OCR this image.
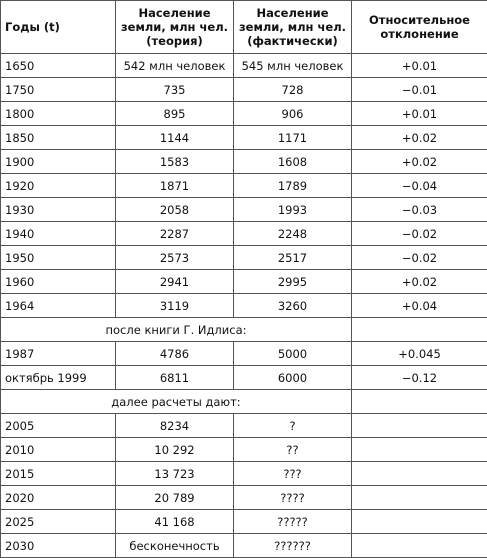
Годы (t)	Население земли, млн чел. (теория)	Население земли, млн чел. (фактически)	Относительное отклонение
1650	542 млн человек	545 млн человек	+0.01
1750	735	728	−0.01
1800	895	906	+0.01
1850	1144	1171	+0.02
1900	1583	1608	+0.02
1920	1871	1789	−0.04
1930	2058	1993	−0.03
1940	2287	2248	−0.02
1950	2573	2517	−0.02
1960	2941	2995	+0.02
1964	3119	3260	+0.04
после книги Г. Идлиса:			
1987	4786	5000	+0.045
октябрь 1999	6811	6000	−0.12
далее расчеты дают:			
2005	8234	?	
2010	10 292	??	
2015	13 723	???	
2020	20 789	????	
2025	41 168	?????	
2030	бесконечность	??????	
